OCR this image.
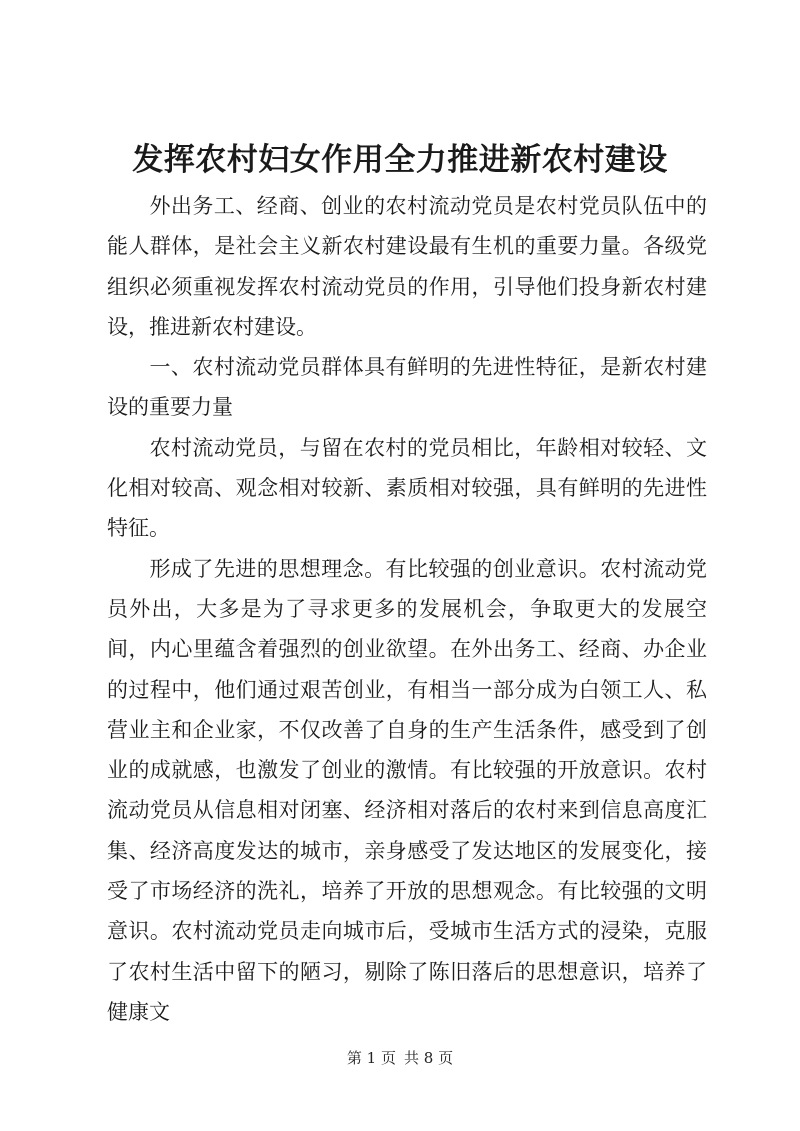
发挥农村妇女作用全力推进新农村建设

外出务工、经商、创业的农村流动党员是农村党员队伍中的能人群体，是社会主义新农村建设最有生机的重要力量。各级党组织必须重视发挥农村流动党员的作用，引导他们投身新农村建设，推进新农村建设。

一、农村流动党员群体具有鲜明的先进性特征，是新农村建设的重要力量

农村流动党员，与留在农村的党员相比，年龄相对较轻、文化相对较高、观念相对较新、素质相对较强，具有鲜明的先进性特征。

形成了先进的思想理念。有比较强的创业意识。农村流动党员外出，大多是为了寻求更多的发展机会，争取更大的发展空间，内心里蕴含着强烈的创业欲望。在外出务工、经商、办企业的过程中，他们通过艰苦创业，有相当一部分成为白领工人、私营业主和企业家，不仅改善了自身的生产生活条件，感受到了创业的成就感，也激发了创业的激情。有比较强的开放意识。农村流动党员从信息相对闭塞、经济相对落后的农村来到信息高度汇集、经济高度发达的城市，亲身感受了发达地区的发展变化，接受了市场经济的洗礼，培养了开放的思想观念。有比较强的文明意识。农村流动党员走向城市后，受城市生活方式的浸染，克服了农村生活中留下的陋习，剔除了陈旧落后的思想意识，培养了健康文

第 1 页 共 8 页
